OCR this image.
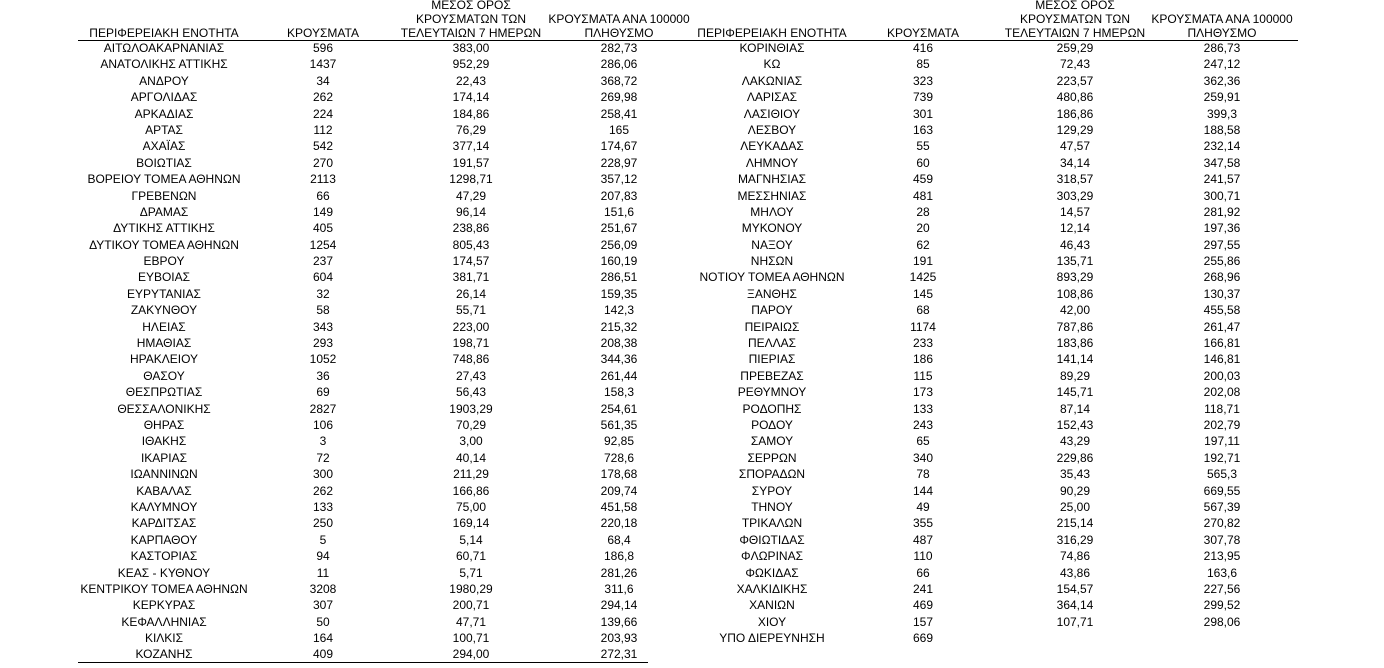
ΠΕΡΙΦΕΡΕΙΑΚΗ ΕΝΟΤΗΤΑ	ΚΡΟΥΣΜΑΤΑ
ΜΕΣΟΣ ΟΡΟΣ
ΚΡΟΥΣΜΑΤΩΝ ΤΩΝ
ΤΕΛΕΥΤΑΙΩΝ 7 ΗΜΕΡΩΝ
ΚΡΟΥΣΜΑΤΑ ΑΝΑ 100000
ΠΛΗΘΥΣΜΟ
ΑΙΤΩΛΟΑΚΑΡΝΑΝΙΑΣ	596	383,00	282,73
ΑΝΑΤΟΛΙΚΗΣ ΑΤΤΙΚΗΣ	1437	952,29	286,06
ΑΝΔΡΟΥ	34	22,43	368,72
ΑΡΓΟΛΙΔΑΣ	262	174,14	269,98
ΑΡΚΑΔΙΑΣ	224	184,86	258,41
ΑΡΤΑΣ	112	76,29	165
ΑΧΑΪΑΣ	542	377,14	174,67
ΒΟΙΩΤΙΑΣ	270	191,57	228,97
ΒΟΡΕΙΟΥ ΤΟΜΕΑ ΑΘΗΝΩΝ	2113	1298,71	357,12
ΓΡΕΒΕΝΩΝ	66	47,29	207,83
ΔΡΑΜΑΣ	149	96,14	151,6
ΔΥΤΙΚΗΣ ΑΤΤΙΚΗΣ	405	238,86	251,67
ΔΥΤΙΚΟΥ ΤΟΜΕΑ ΑΘΗΝΩΝ	1254	805,43	256,09
ΕΒΡΟΥ	237	174,57	160,19
ΕΥΒΟΙΑΣ	604	381,71	286,51
ΕΥΡΥΤΑΝΙΑΣ	32	26,14	159,35
ΖΑΚΥΝΘΟΥ	58	55,71	142,3
ΗΛΕΙΑΣ	343	223,00	215,32
ΗΜΑΘΙΑΣ	293	198,71	208,38
ΗΡΑΚΛΕΙΟΥ	1052	748,86	344,36
ΘΑΣΟΥ	36	27,43	261,44
ΘΕΣΠΡΩΤΙΑΣ	69	56,43	158,3
ΘΕΣΣΑΛΟΝΙΚΗΣ	2827	1903,29	254,61
ΘΗΡΑΣ	106	70,29	561,35
ΙΘΑΚΗΣ	3	3,00	92,85
ΙΚΑΡΙΑΣ	72	40,14	728,6
ΙΩΑΝΝΙΝΩΝ	300	211,29	178,68
ΚΑΒΑΛΑΣ	262	166,86	209,74
ΚΑΛΥΜΝΟΥ	133	75,00	451,58
ΚΑΡΔΙΤΣΑΣ	250	169,14	220,18
ΚΑΡΠΑΘΟΥ	5	5,14	68,4
ΚΑΣΤΟΡΙΑΣ	94	60,71	186,8
ΚΕΑΣ - ΚΥΘΝΟΥ	11	5,71	281,26
ΚΕΝΤΡΙΚΟΥ ΤΟΜΕΑ ΑΘΗΝΩΝ	3208	1980,29	311,6
ΚΕΡΚΥΡΑΣ	307	200,71	294,14
ΚΕΦΑΛΛΗΝΙΑΣ	50	47,71	139,66
ΚΙΛΚΙΣ	164	100,71	203,93
ΚΟΖΑΝΗΣ	409	294,00	272,31
ΠΕΡΙΦΕΡΕΙΑΚΗ ΕΝΟΤΗΤΑ	ΚΡΟΥΣΜΑΤΑ
ΜΕΣΟΣ ΟΡΟΣ
ΚΡΟΥΣΜΑΤΩΝ ΤΩΝ
ΤΕΛΕΥΤΑΙΩΝ 7 ΗΜΕΡΩΝ
ΚΡΟΥΣΜΑΤΑ ΑΝΑ 100000
ΠΛΗΘΥΣΜΟ
ΚΟΡΙΝΘΙΑΣ	416	259,29	286,73
ΚΩ	85	72,43	247,12
ΛΑΚΩΝΙΑΣ	323	223,57	362,36
ΛΑΡΙΣΑΣ	739	480,86	259,91
ΛΑΣΙΘΙΟΥ	301	186,86	399,3
ΛΕΣΒΟΥ	163	129,29	188,58
ΛΕΥΚΑΔΑΣ	55	47,57	232,14
ΛΗΜΝΟΥ	60	34,14	347,58
ΜΑΓΝΗΣΙΑΣ	459	318,57	241,57
ΜΕΣΣΗΝΙΑΣ	481	303,29	300,71
ΜΗΛΟΥ	28	14,57	281,92
ΜΥΚΟΝΟΥ	20	12,14	197,36
ΝΑΞΟΥ	62	46,43	297,55
ΝΗΣΩΝ	191	135,71	255,86
ΝΟΤΙΟΥ ΤΟΜΕΑ ΑΘΗΝΩΝ	1425	893,29	268,96
ΞΑΝΘΗΣ	145	108,86	130,37
ΠΑΡΟΥ	68	42,00	455,58
ΠΕΙΡΑΙΩΣ	1174	787,86	261,47
ΠΕΛΛΑΣ	233	183,86	166,81
ΠΙΕΡΙΑΣ	186	141,14	146,81
ΠΡΕΒΕΖΑΣ	115	89,29	200,03
ΡΕΘΥΜΝΟΥ	173	145,71	202,08
ΡΟΔΟΠΗΣ	133	87,14	118,71
ΡΟΔΟΥ	243	152,43	202,79
ΣΑΜΟΥ	65	43,29	197,11
ΣΕΡΡΩΝ	340	229,86	192,71
ΣΠΟΡΑΔΩΝ	78	35,43	565,3
ΣΥΡΟΥ	144	90,29	669,55
ΤΗΝΟΥ	49	25,00	567,39
ΤΡΙΚΑΛΩΝ	355	215,14	270,82
ΦΘΙΩΤΙΔΑΣ	487	316,29	307,78
ΦΛΩΡΙΝΑΣ	110	74,86	213,95
ΦΩΚΙΔΑΣ	66	43,86	163,6
ΧΑΛΚΙΔΙΚΗΣ	241	154,57	227,56
ΧΑΝΙΩΝ	469	364,14	299,52
ΧΙΟΥ	157	107,71	298,06
ΥΠΟ ΔΙΕΡΕΥΝΗΣΗ	669
